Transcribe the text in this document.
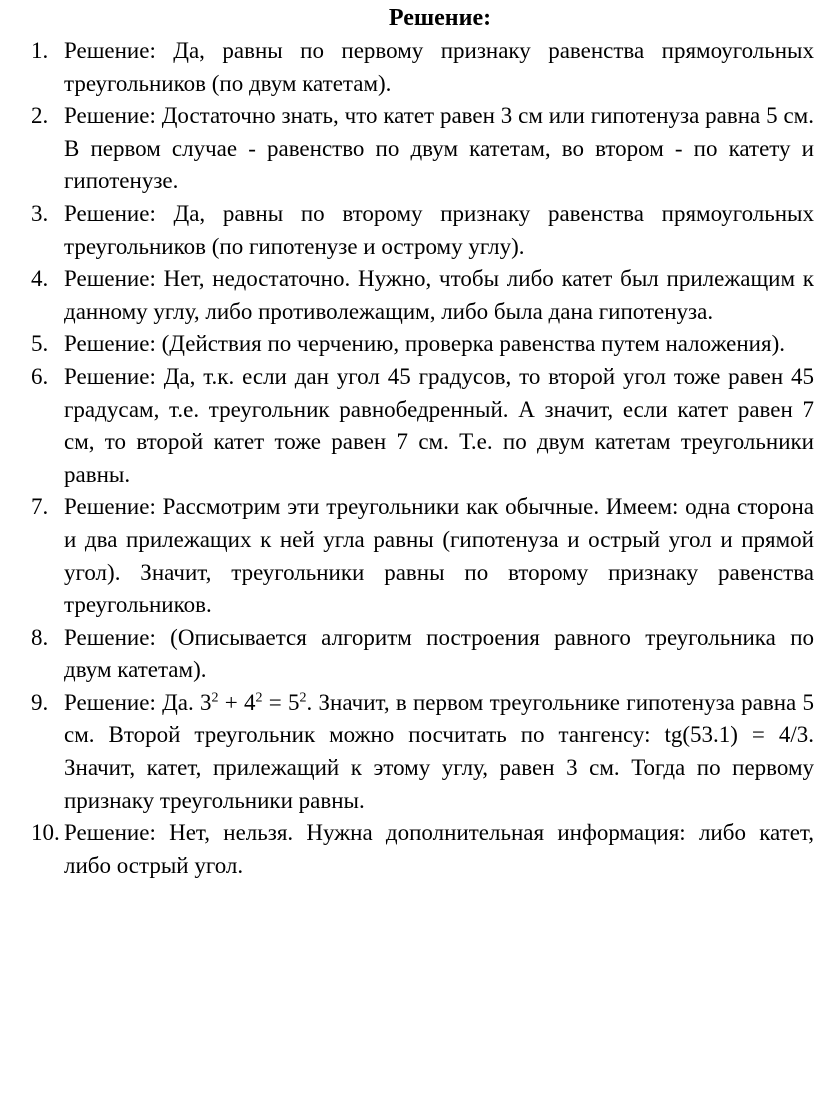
Решение:
1. Решение: Да, равны по первому признаку равенства прямоугольных треугольников (по двум катетам).
2. Решение: Достаточно знать, что катет равен 3 см или гипотенуза равна 5 см. В первом случае - равенство по двум катетам, во втором - по катету и гипотенузе.
3. Решение: Да, равны по второму признаку равенства прямоугольных треугольников (по гипотенузе и острому углу).
4. Решение: Нет, недостаточно. Нужно, чтобы либо катет был прилежащим к данному углу, либо противолежащим, либо была дана гипотенуза.
5. Решение: (Действия по черчению, проверка равенства путем наложения).
6. Решение: Да, т.к. если дан угол 45 градусов, то второй угол тоже равен 45 градусам, т.е. треугольник равнобедренный. А значит, если катет равен 7 см, то второй катет тоже равен 7 см. Т.е. по двум катетам треугольники равны.
7. Решение: Рассмотрим эти треугольники как обычные. Имеем: одна сторона и два прилежащих к ней угла равны (гипотенуза и острый угол и прямой угол). Значит, треугольники равны по второму признаку равенства треугольников.
8. Решение: (Описывается алгоритм построения равного треугольника по двум катетам).
9. Решение: Да. $3^2 + 4^2 = 5^2$. Значит, в первом треугольнике гипотенуза равна 5 см. Второй треугольник можно посчитать по тангенсу: tg(53.1) = 4/3. Значит, катет, прилежащий к этому углу, равен 3 см. Тогда по первому признаку треугольники равны.
10. Решение: Нет, нельзя. Нужна дополнительная информация: либо катет, либо острый угол.
